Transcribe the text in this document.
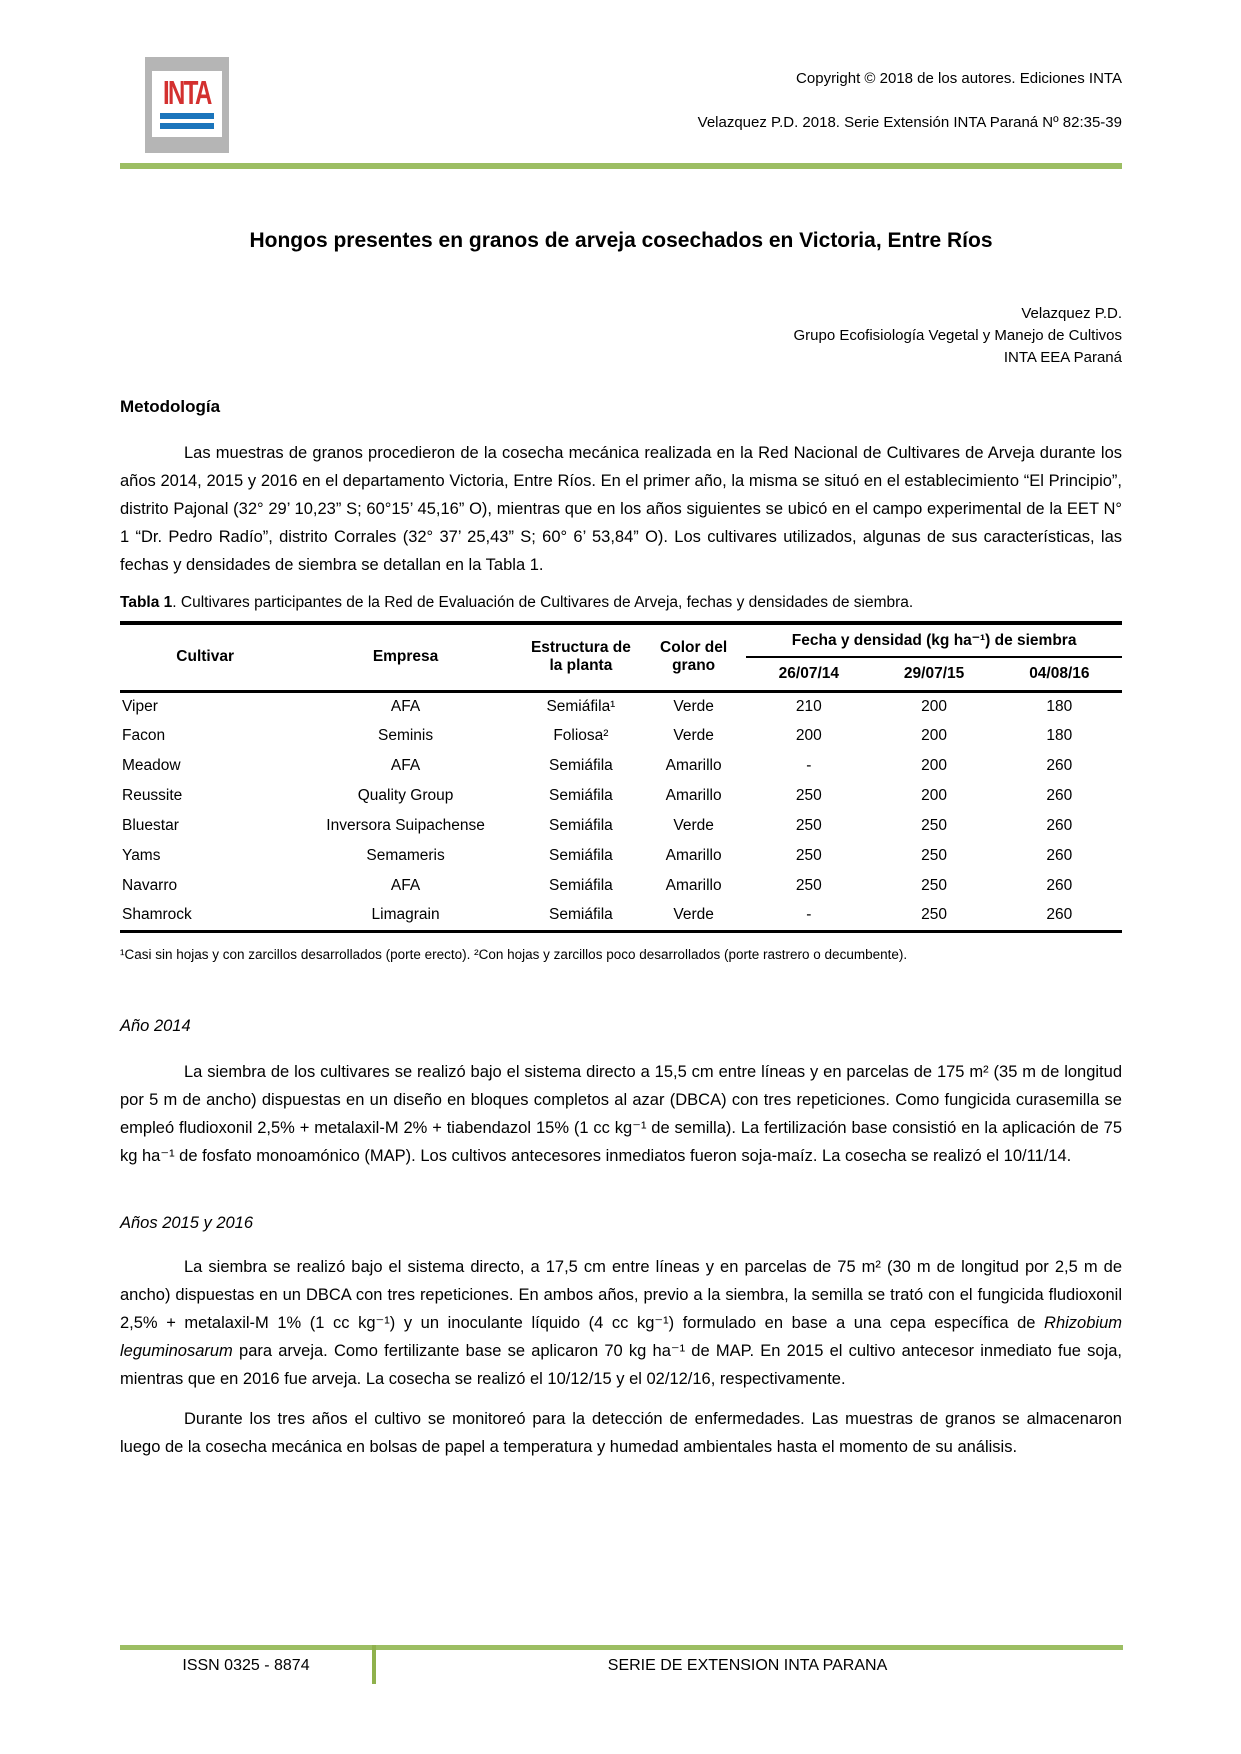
INTA	Copyright © 2018 de los autores. Ediciones INTA
Velazquez P.D. 2018. Serie Extensión INTA Paraná Nº 82:35-39
Hongos presentes en granos de arveja cosechados en Victoria, Entre Ríos
Velazquez P.D.
Grupo Ecofisiología Vegetal y Manejo de Cultivos
INTA EEA Paraná
Metodología

Las muestras de granos procedieron de la cosecha mecánica realizada en la Red Nacional de Cultivares de Arveja durante los años 2014, 2015 y 2016 en el departamento Victoria, Entre Ríos. En el primer año, la misma se situó en el establecimiento “El Principio”, distrito Pajonal (32° 29’ 10,23” S; 60°15’ 45,16” O), mientras que en los años siguientes se ubicó en el campo experimental de la EET N° 1 “Dr. Pedro Radío”, distrito Corrales (32° 37’ 25,43” S; 60° 6’ 53,84” O). Los cultivares utilizados, algunas de sus características, las fechas y densidades de siembra se detallan en la Tabla 1.

Tabla 1. Cultivares participantes de la Red de Evaluación de Cultivares de Arveja, fechas y densidades de siembra.
Cultivar	Empresa	Estructura de la planta	Color del grano	Fecha y densidad (kg ha⁻¹) de siembra		
				26/07/14	29/07/15	04/08/16
Viper	AFA	Semiáfila¹	Verde	210	200	180
Facon	Seminis	Foliosa²	Verde	200	200	180
Meadow	AFA	Semiáfila	Amarillo	-	200	260
Reussite	Quality Group	Semiáfila	Amarillo	250	200	260
Bluestar	Inversora Suipachense	Semiáfila	Verde	250	250	260
Yams	Semameris	Semiáfila	Amarillo	250	250	260
Navarro	AFA	Semiáfila	Amarillo	250	250	260
Shamrock	Limagrain	Semiáfila	Verde	-	250	260
¹Casi sin hojas y con zarcillos desarrollados (porte erecto). ²Con hojas y zarcillos poco desarrollados (porte rastrero o decumbente).
Año 2014

La siembra de los cultivares se realizó bajo el sistema directo a 15,5 cm entre líneas y en parcelas de 175 m² (35 m de longitud por 5 m de ancho) dispuestas en un diseño en bloques completos al azar (DBCA) con tres repeticiones. Como fungicida curasemilla se empleó fludioxonil 2,5% + metalaxil-M 2% + tiabendazol 15% (1 cc kg⁻¹ de semilla). La fertilización base consistió en la aplicación de 75 kg ha⁻¹ de fosfato monoamónico (MAP). Los cultivos antecesores inmediatos fueron soja-maíz. La cosecha se realizó el 10/11/14.

Años 2015 y 2016

La siembra se realizó bajo el sistema directo, a 17,5 cm entre líneas y en parcelas de 75 m² (30 m de longitud por 2,5 m de ancho) dispuestas en un DBCA con tres repeticiones. En ambos años, previo a la siembra, la semilla se trató con el fungicida fludioxonil 2,5% + metalaxil-M 1% (1 cc kg⁻¹) y un inoculante líquido (4 cc kg⁻¹) formulado en base a una cepa específica de Rhizobium leguminosarum para arveja. Como fertilizante base se aplicaron 70 kg ha⁻¹ de MAP. En 2015 el cultivo antecesor inmediato fue soja, mientras que en 2016 fue arveja. La cosecha se realizó el 10/12/15 y el 02/12/16, respectivamente.

Durante los tres años el cultivo se monitoreó para la detección de enfermedades. Las muestras de granos se almacenaron luego de la cosecha mecánica en bolsas de papel a temperatura y humedad ambientales hasta el momento de su análisis.

ISSN 0325 - 8874	SERIE DE EXTENSION INTA PARANA
